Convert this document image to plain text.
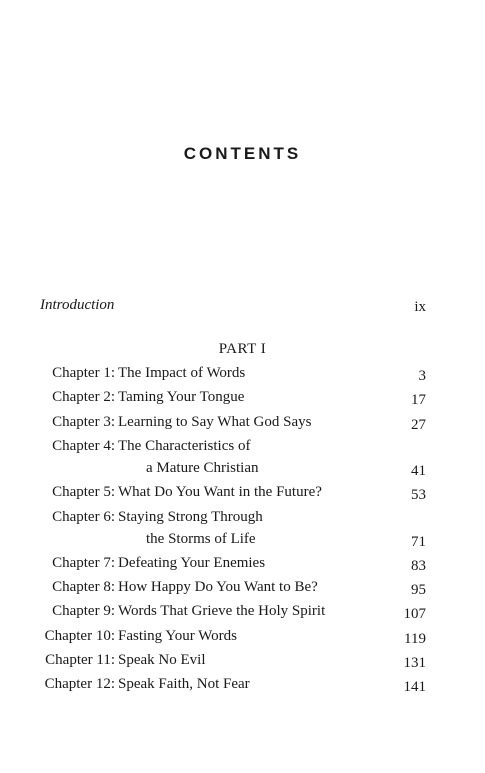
CONTENTS
Introduction	ix
PART I
Chapter 1: The Impact of Words	3
Chapter 2: Taming Your Tongue	17
Chapter 3: Learning to Say What God Says	27
Chapter 4: The Characteristics of
a Mature Christian	41
Chapter 5: What Do You Want in the Future?	53
Chapter 6: Staying Strong Through
the Storms of Life	71
Chapter 7: Defeating Your Enemies	83
Chapter 8: How Happy Do You Want to Be?	95
Chapter 9: Words That Grieve the Holy Spirit	107
Chapter 10: Fasting Your Words	119
Chapter 11: Speak No Evil	131
Chapter 12: Speak Faith, Not Fear	141
